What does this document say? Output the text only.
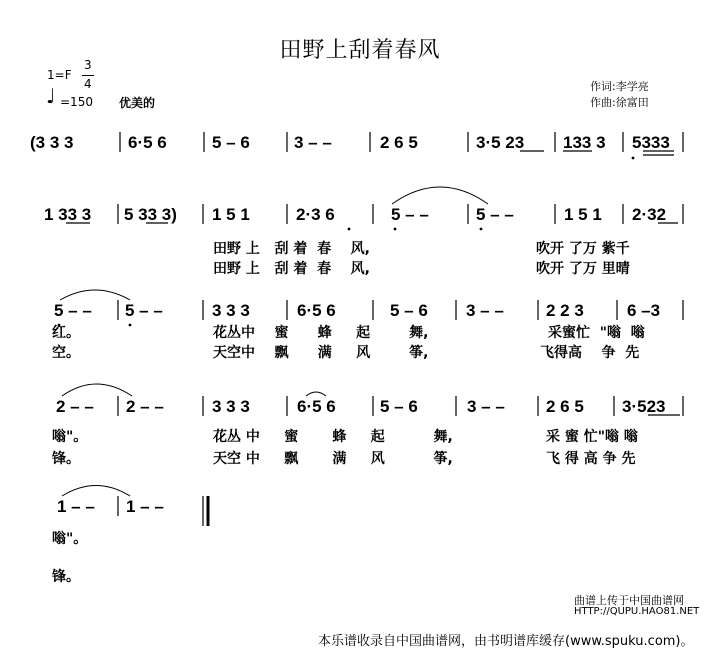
田野上刮着春风
1=F
3
4
♩ =150 优美的
作词:李学亮
作曲:徐富田
(3 3 3	6·5 6	5 – 6	3 – –	2 6 5	3·5 23 133 3 5333
1 33 3 5 33 3) 1 5 1	2·3 6	5 – –	5 – –	1 5 1 2·32
5 – – 5 – –	3 3 3	6·5 6	5 – 6 3 – – 2 2 3	6 –3
2 – – 2 – –	3 3 3	6·5 6	5 – 6	3 – – 2 6 5 3·523
1 – – 1 – –
田野 上 刮 着 春 风,	吹开 了万 紫千
田野 上 刮 着 春 风,	吹开 了万 里晴
红。	花丛中 蜜 蜂 起	舞,	采蜜忙 "嗡 嗡
空。	天空中 飘 满 风	筝,	飞得高 争 先
嗡"。	花丛 中 蜜 蜂 起	舞,	采 蜜 忙"嗡 嗡
锋。	天空 中 飘 满 风	筝,	飞 得 高 争 先
嗡"。
锋。
曲谱上传于中国曲谱网
HTTP://QUPU.HAO81.NET
本乐谱收录自中国曲谱网，由书明谱库缓存(www.spuku.com)。
